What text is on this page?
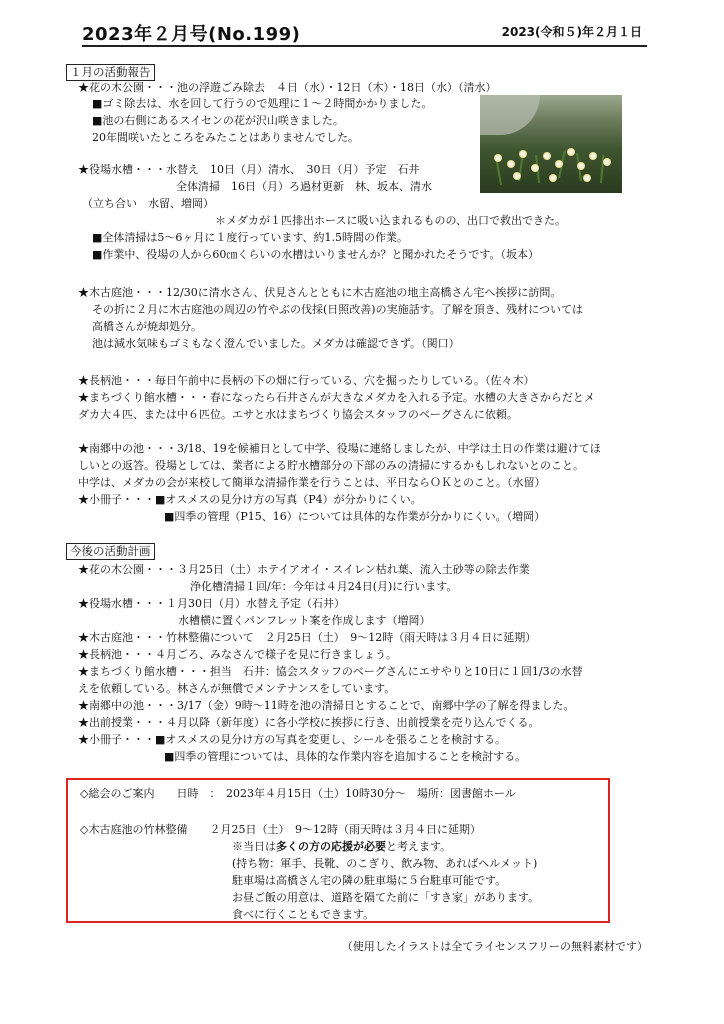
2023年２月号(No.199)	2023(令和５)年２月１日
１月の活動報告
★花の木公園・・・池の浮遊ごみ除去　４日（水）・12日（木）・18日（水）（清水）
■ゴミ除去は、水を回して行うので処理に１～２時間かかりました。
■池の右側にあるスイセンの花が沢山咲きました。
20年間咲いたところをみたことはありませんでした。
★役場水槽・・・水替え　10日（月）清水、　30日（月）予定　石井
全体清掃　16日（月）ろ過材更新　林、坂本、清水
（立ち合い　水留、増岡）
＊メダカが１匹排出ホースに吸い込まれるものの、出口で救出できた。
■全体清掃は5～6ヶ月に１度行っています、約1.5時間の作業。
■作業中、役場の人から60㎝くらいの水槽はいりませんか？と聞かれたそうです。（坂本）
★木古庭池・・・12/30に清水さん、伏見さんとともに木古庭池の地主高橋さん宅へ挨拶に訪問。
その折に２月に木古庭池の周辺の竹やぶの伐採(日照改善)の実施話す。了解を頂き、残材については
高橋さんが焼却処分。
池は減水気味もゴミもなく澄んでいました。メダカは確認できず。（関口）
★長柄池・・・毎日午前中に長柄の下の畑に行っている、穴を掘ったりしている。（佐々木）
★まちづくり館水槽・・・春になったら石井さんが大きなメダカを入れる予定。水槽の大きさからだとメ
ダカ大４匹、または中６匹位。エサと水はまちづくり協会スタッフのベーグさんに依頼。
★南郷中の池・・・3/18、19を候補日として中学、役場に連絡しましたが、中学は土日の作業は避けてほ
しいとの返答。役場としては、業者による貯水槽部分の下部のみの清掃にするかもしれないとのこと。
中学は、メダカの会が来校して簡単な清掃作業を行うことは、平日ならＯＫとのこと。（水留）
★小冊子・・・■オスメスの見分け方の写真（P4）が分かりにくい。
■四季の管理（P15、16）については具体的な作業が分かりにくい。（増岡）
今後の活動計画
★花の木公園・・・３月25日（土）ホテイアオイ・スイレン枯れ葉、流入土砂等の除去作業
浄化槽清掃１回/年：今年は４月24日(月)に行います。
★役場水槽・・・１月30日（月）水替え予定（石井）
水槽横に置くパンフレット案を作成します（増岡）
★木古庭池・・・竹林整備について　２月25日（土）　9～12時（雨天時は３月４日に延期）
★長柄池・・・４月ごろ、みなさんで様子を見に行きましょう。
★まちづくり館水槽・・・担当　石井：協会スタッフのベーグさんにエサやりと10日に１回1/3の水替
えを依頼している。林さんが無償でメンテナンスをしています。
★南郷中の池・・・3/17（金）9時～11時を池の清掃日とすることで、南郷中学の了解を得ました。
★出前授業・・・４月以降（新年度）に各小学校に挨拶に行き、出前授業を売り込んでくる。
★小冊子・・・■オスメスの見分け方の写真を変更し、シールを張ることを検討する。
■四季の管理については、具体的な作業内容を追加することを検討する。
◇総会のご案内　　日時　：　2023年４月15日（土）10時30分～　場所：図書館ホール
◇木古庭池の竹林整備　　２月25日（土）　9～12時（雨天時は３月４日に延期）
※当日は多くの方の応援が必要と考えます。
(持ち物：軍手、長靴、のこぎり、飲み物、あればヘルメット)
駐車場は高橋さん宅の隣の駐車場に５台駐車可能です。
お昼ご飯の用意は、道路を隔てた前に「すき家」があります。
食べに行くこともできます。
（使用したイラストは全てライセンスフリーの無料素材です）
